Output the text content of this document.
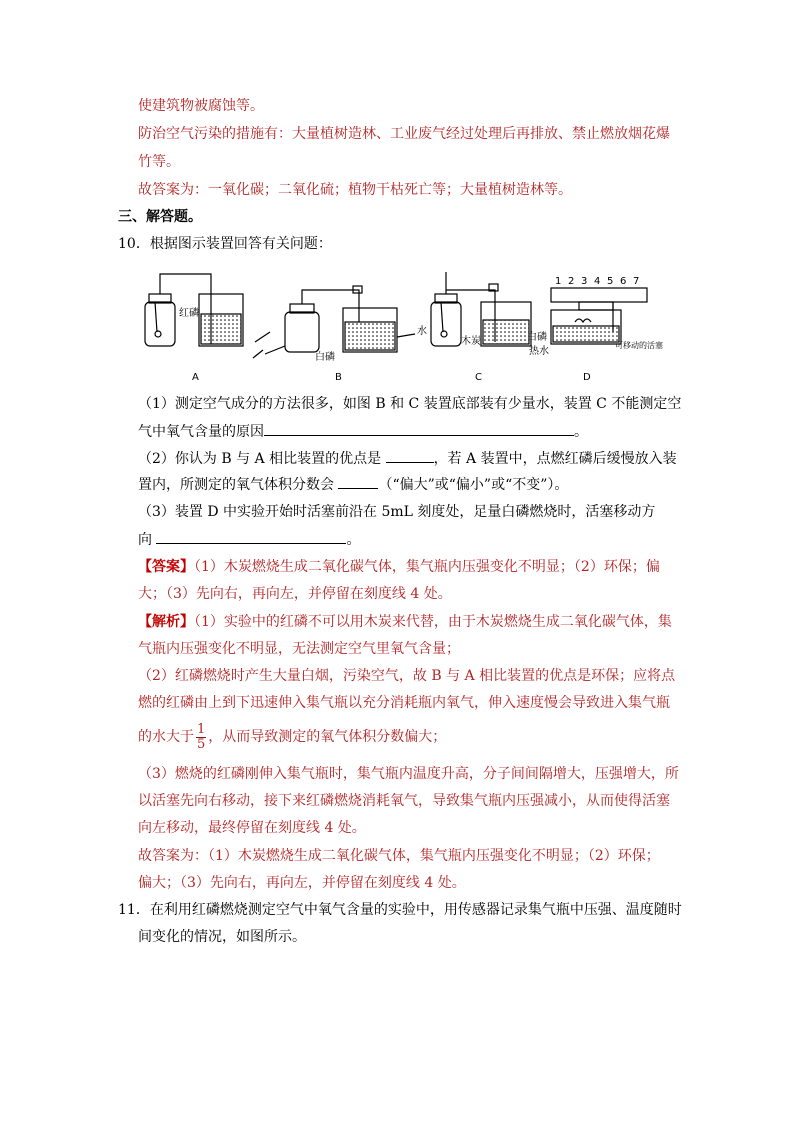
使建筑物被腐蚀等。
防治空气污染的措施有：大量植树造林、工业废气经过处理后再排放、禁止燃放烟花爆
竹等。
故答案为：一氧化碳；二氧化硫；植物干枯死亡等；大量植树造林等。
三、解答题。
10．根据图示装置回答有关问题：
红磷
白磷
水
木炭	白磷
热水
可移动的活塞
1 2 3 4 5 6 7
A	B	C	D
（1）测定空气成分的方法很多，如图 B 和 C 装置底部装有少量水，装置 C 不能测定空
气中氧气含量的原因	。
（2）你认为 B 与 A 相比装置的优点是	，若 A 装置中，点燃红磷后缓慢放入装
置内，所测定的氧气体积分数会	（“偏大”或“偏小”或“不变”）。
（3）装置 D 中实验开始时活塞前沿在 5mL 刻度处，足量白磷燃烧时，活塞移动方
向	。
【答案】（1）木炭燃烧生成二氧化碳气体，集气瓶内压强变化不明显；（2）环保；偏
大；（3）先向右，再向左，并停留在刻度线 4 处。
【解析】（1）实验中的红磷不可以用木炭来代替，由于木炭燃烧生成二氧化碳气体，集
气瓶内压强变化不明显，无法测定空气里氧气含量；
（2）红磷燃烧时产生大量白烟，污染空气，故 B 与 A 相比装置的优点是环保；应将点
燃的红磷由上到下迅速伸入集气瓶以充分消耗瓶内氧气，伸入速度慢会导致进入集气瓶
的水大于 $\frac{1}{5}$ ，从而导致测定的氧气体积分数偏大；
（3）燃烧的红磷刚伸入集气瓶时，集气瓶内温度升高，分子间间隔增大，压强增大，所
以活塞先向右移动，接下来红磷燃烧消耗氧气，导致集气瓶内压强减小，从而使得活塞
向左移动，最终停留在刻度线 4 处。
故答案为：（1）木炭燃烧生成二氧化碳气体，集气瓶内压强变化不明显；（2）环保；
偏大；（3）先向右，再向左，并停留在刻度线 4 处。
11．在利用红磷燃烧测定空气中氧气含量的实验中，用传感器记录集气瓶中压强、温度随时
间变化的情况，如图所示。
